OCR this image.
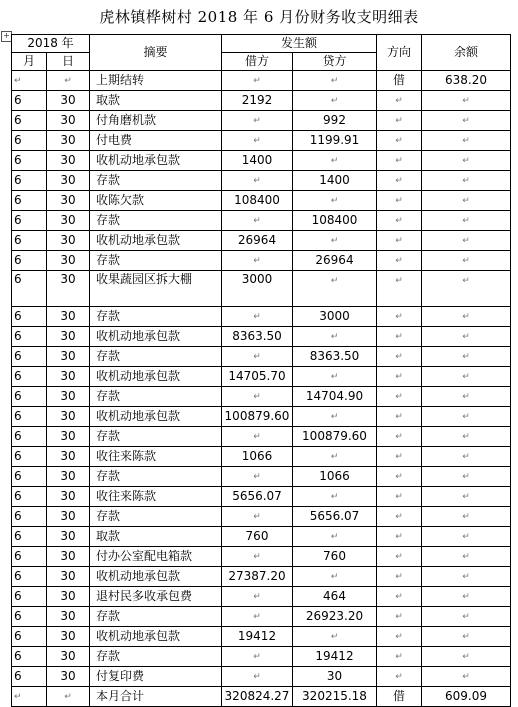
虎林镇桦树村 2018 年 6 月份财务收支明细表
+
2018 年		摘要	发生额		方向	余额
月	日		借方	贷方		
↵	↵	上期结转	↵	↵	借	638.20
6	30	取款	2192	↵	↵	↵
6	30	付角磨机款	↵	992	↵	↵
6	30	付电费	↵	1199.91	↵	↵
6	30	收机动地承包款	1400	↵	↵	↵
6	30	存款	↵	1400	↵	↵
6	30	收陈欠款	108400	↵	↵	↵
6	30	存款	↵	108400	↵	↵
6	30	收机动地承包款	26964	↵	↵	↵
6	30	存款	↵	26964	↵	↵
6	30	收果蔬园区拆大棚	3000	↵	↵	↵
6	30	存款	↵	3000	↵	↵
6	30	收机动地承包款	8363.50	↵	↵	↵
6	30	存款	↵	8363.50	↵	↵
6	30	收机动地承包款	14705.70	↵	↵	↵
6	30	存款	↵	14704.90	↵	↵
6	30	收机动地承包款	100879.60	↵	↵	↵
6	30	存款	↵	100879.60	↵	↵
6	30	收往来陈款	1066	↵	↵	↵
6	30	存款	↵	1066	↵	↵
6	30	收往来陈款	5656.07	↵	↵	↵
6	30	存款	↵	5656.07	↵	↵
6	30	取款	760	↵	↵	↵
6	30	付办公室配电箱款	↵	760	↵	↵
6	30	收机动地承包款	27387.20	↵	↵	↵
6	30	退村民多收承包费	↵	464	↵	↵
6	30	存款	↵	26923.20	↵	↵
6	30	收机动地承包款	19412	↵	↵	↵
6	30	存款	↵	19412	↵	↵
6	30	付复印费	↵	30	↵	↵
↵	↵	本月合计	320824.27	320215.18	借	609.09
